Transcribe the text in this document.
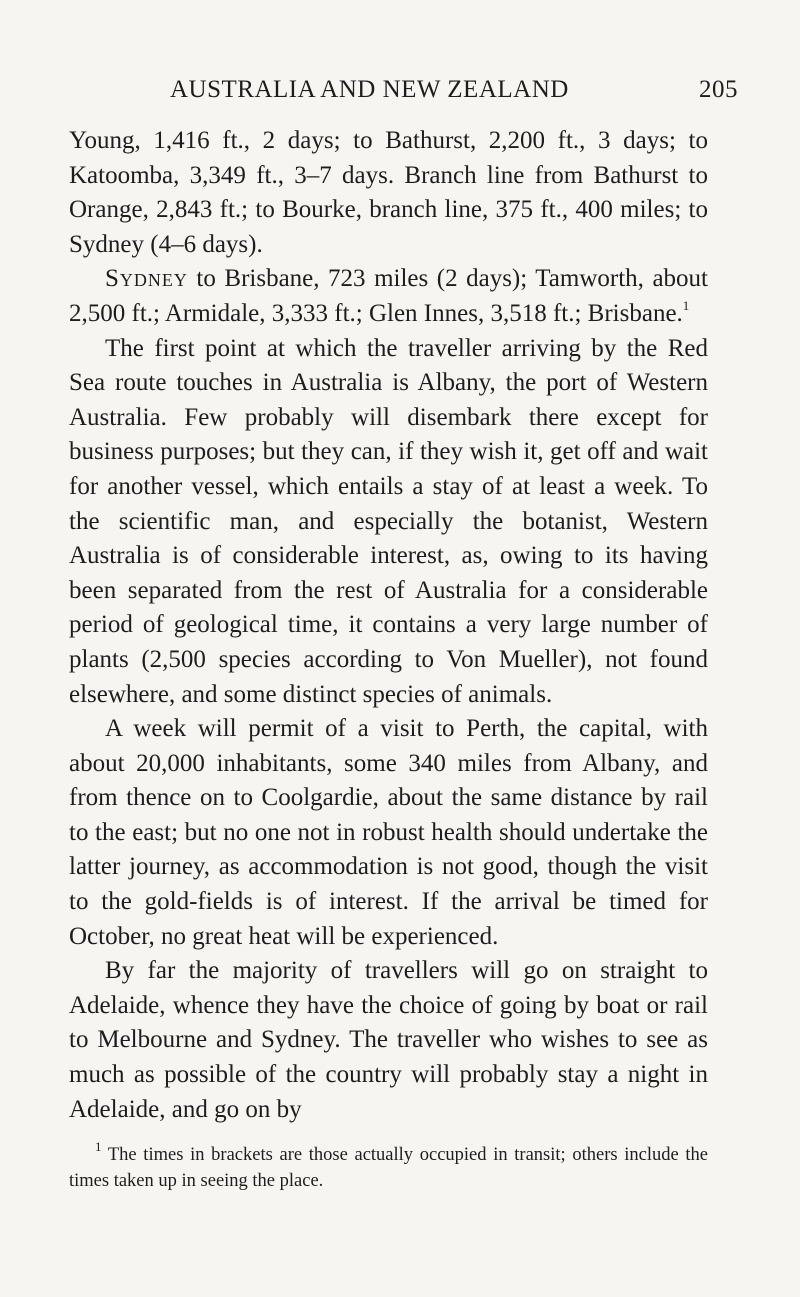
AUSTRALIA AND NEW ZEALAND	205

Young, 1,416 ft., 2 days; to Bathurst, 2,200 ft., 3 days; to Katoomba, 3,349 ft., 3–7 days. Branch line from Bathurst to Orange, 2,843 ft.; to Bourke, branch line, 375 ft., 400 miles; to Sydney (4–6 days).

Sydney to Brisbane, 723 miles (2 days); Tamworth, about 2,500 ft.; Armidale, 3,333 ft.; Glen Innes, 3,518 ft.; Brisbane.$^1$

The first point at which the traveller arriving by the Red Sea route touches in Australia is Albany, the port of Western Australia. Few probably will disembark there except for business purposes; but they can, if they wish it, get off and wait for another vessel, which entails a stay of at least a week. To the scientific man, and especially the botanist, Western Australia is of considerable interest, as, owing to its having been separated from the rest of Australia for a considerable period of geological time, it contains a very large number of plants (2,500 species according to Von Mueller), not found elsewhere, and some distinct species of animals.

A week will permit of a visit to Perth, the capital, with about 20,000 inhabitants, some 340 miles from Albany, and from thence on to Coolgardie, about the same distance by rail to the east; but no one not in robust health should undertake the latter journey, as accommodation is not good, though the visit to the gold-fields is of interest. If the arrival be timed for October, no great heat will be experienced.

By far the majority of travellers will go on straight to Adelaide, whence they have the choice of going by boat or rail to Melbourne and Sydney. The traveller who wishes to see as much as possible of the country will probably stay a night in Adelaide, and go on by

$^1$ The times in brackets are those actually occupied in transit; others include the times taken up in seeing the place.
